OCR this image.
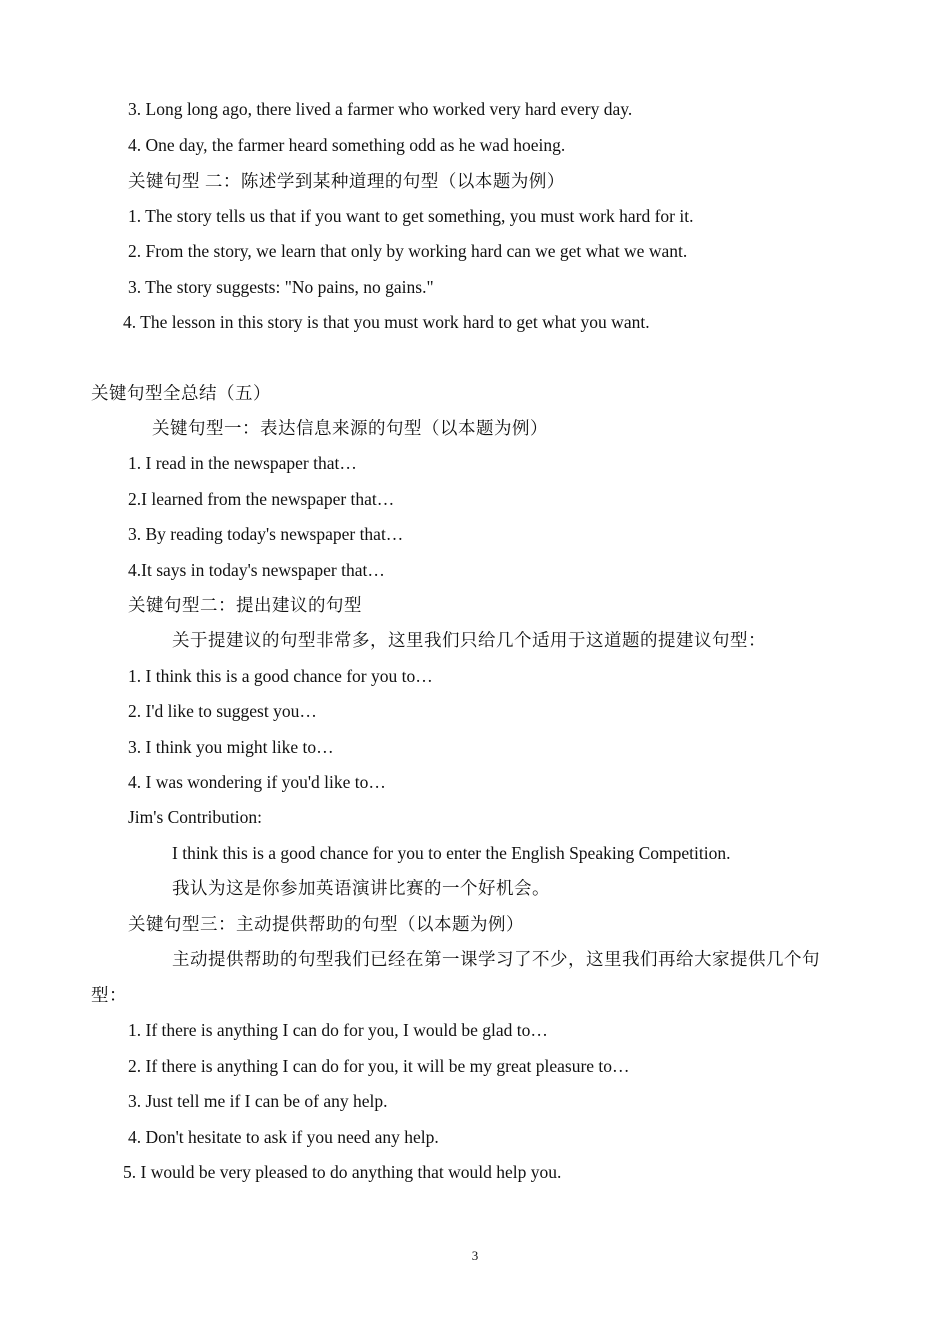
3. Long long ago, there lived a farmer who worked very hard every day.
4. One day, the farmer heard something odd as he wad hoeing.
关键句型 二：陈述学到某种道理的句型（以本题为例）
1. The story tells us that if you want to get something, you must work hard for it.
2. From the story, we learn that only by working hard can we get what we want.
3. The story suggests: "No pains, no gains."
4. The lesson in this story is that you must work hard to get what you want.
关键句型全总结（五）
关键句型一：表达信息来源的句型（以本题为例）
1. I read in the newspaper that…
2.I learned from the newspaper that…
3. By reading today's newspaper that…
4.It says in today's newspaper that…
关键句型二：提出建议的句型
关于提建议的句型非常多，这里我们只给几个适用于这道题的提建议句型：
1. I think this is a good chance for you to…
2. I'd like to suggest you…
3. I think you might like to…
4. I was wondering if you'd like to…
Jim's Contribution:
I think this is a good chance for you to enter the English Speaking Competition.
我认为这是你参加英语演讲比赛的一个好机会。
关键句型三：主动提供帮助的句型（以本题为例）
主动提供帮助的句型我们已经在第一课学习了不少，这里我们再给大家提供几个句
型：
1. If there is anything I can do for you, I would be glad to…
2. If there is anything I can do for you, it will be my great pleasure to…
3. Just tell me if I can be of any help.
4. Don't hesitate to ask if you need any help.
5. I would be very pleased to do anything that would help you.
3
